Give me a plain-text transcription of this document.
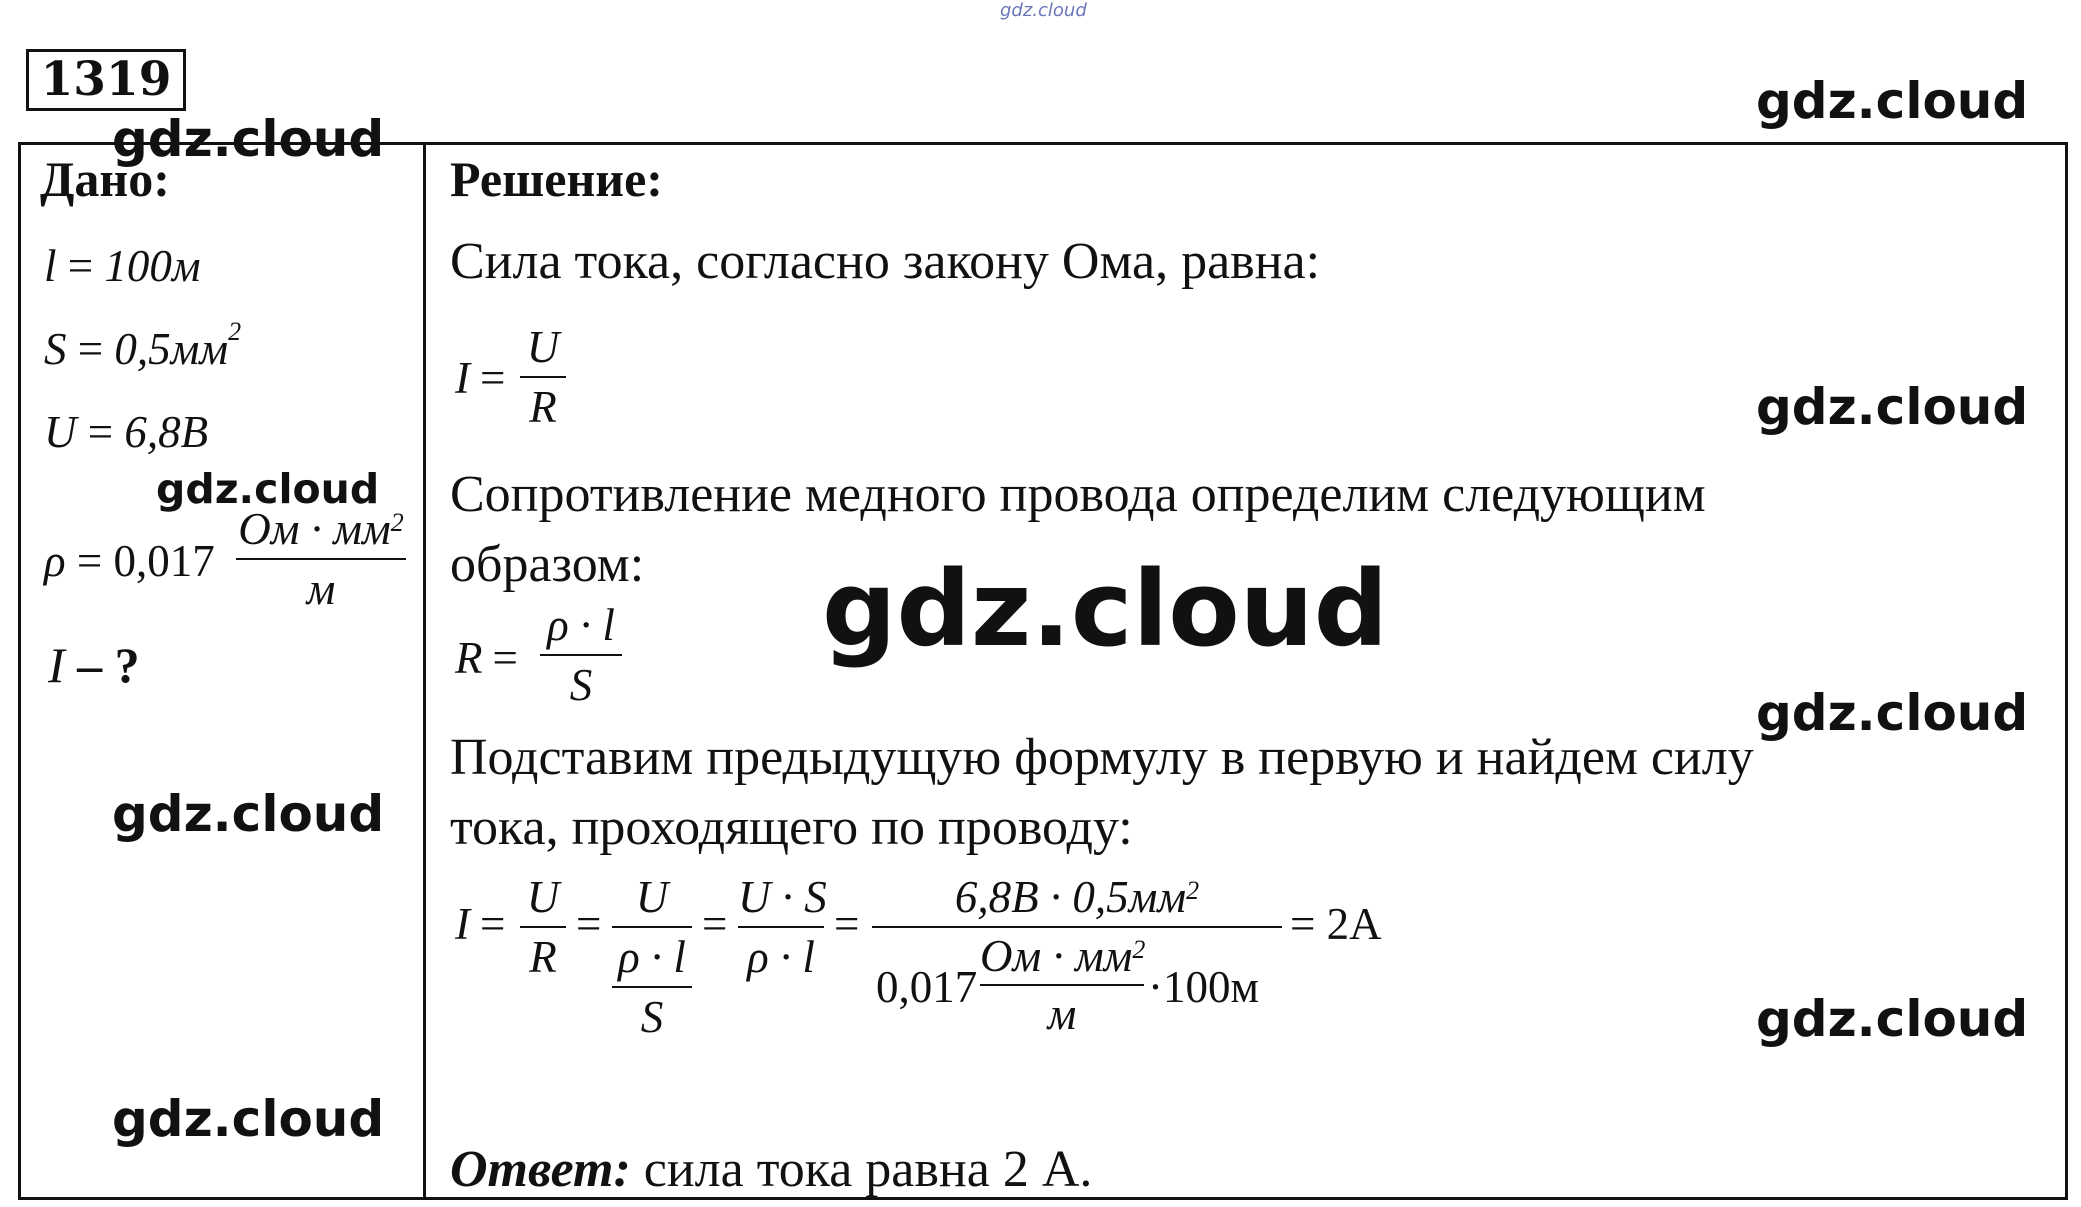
gdz.cloud
1319
Дано:
l = 100м
$S = 0,5мм^2$
U = 6,8В
ρ = 0,017
Ом · $мм^2$
м
I – ?
Решение:
Сила тока, согласно закону Ома, равна:
I =
U
R
Сопротивление медного провода определим следующим
образом:
R =
ρ · l
S
Подставим предыдущую формулу в первую и найдем силу
тока, проходящего по проводу:
I =
U
R
=
U
ρ · l
S
=
U · S
ρ · l
=
$6,8В \cdot 0,5мм^2$
0,017
Ом · $мм^2$
м
·100м
= 2А
Ответ: сила тока равна 2 А.
gdz.cloud
gdz.cloud
gdz.cloud
gdz.cloud
gdz.cloud
gdz.cloud
gdz.cloud
gdz.cloud
gdz.cloud
